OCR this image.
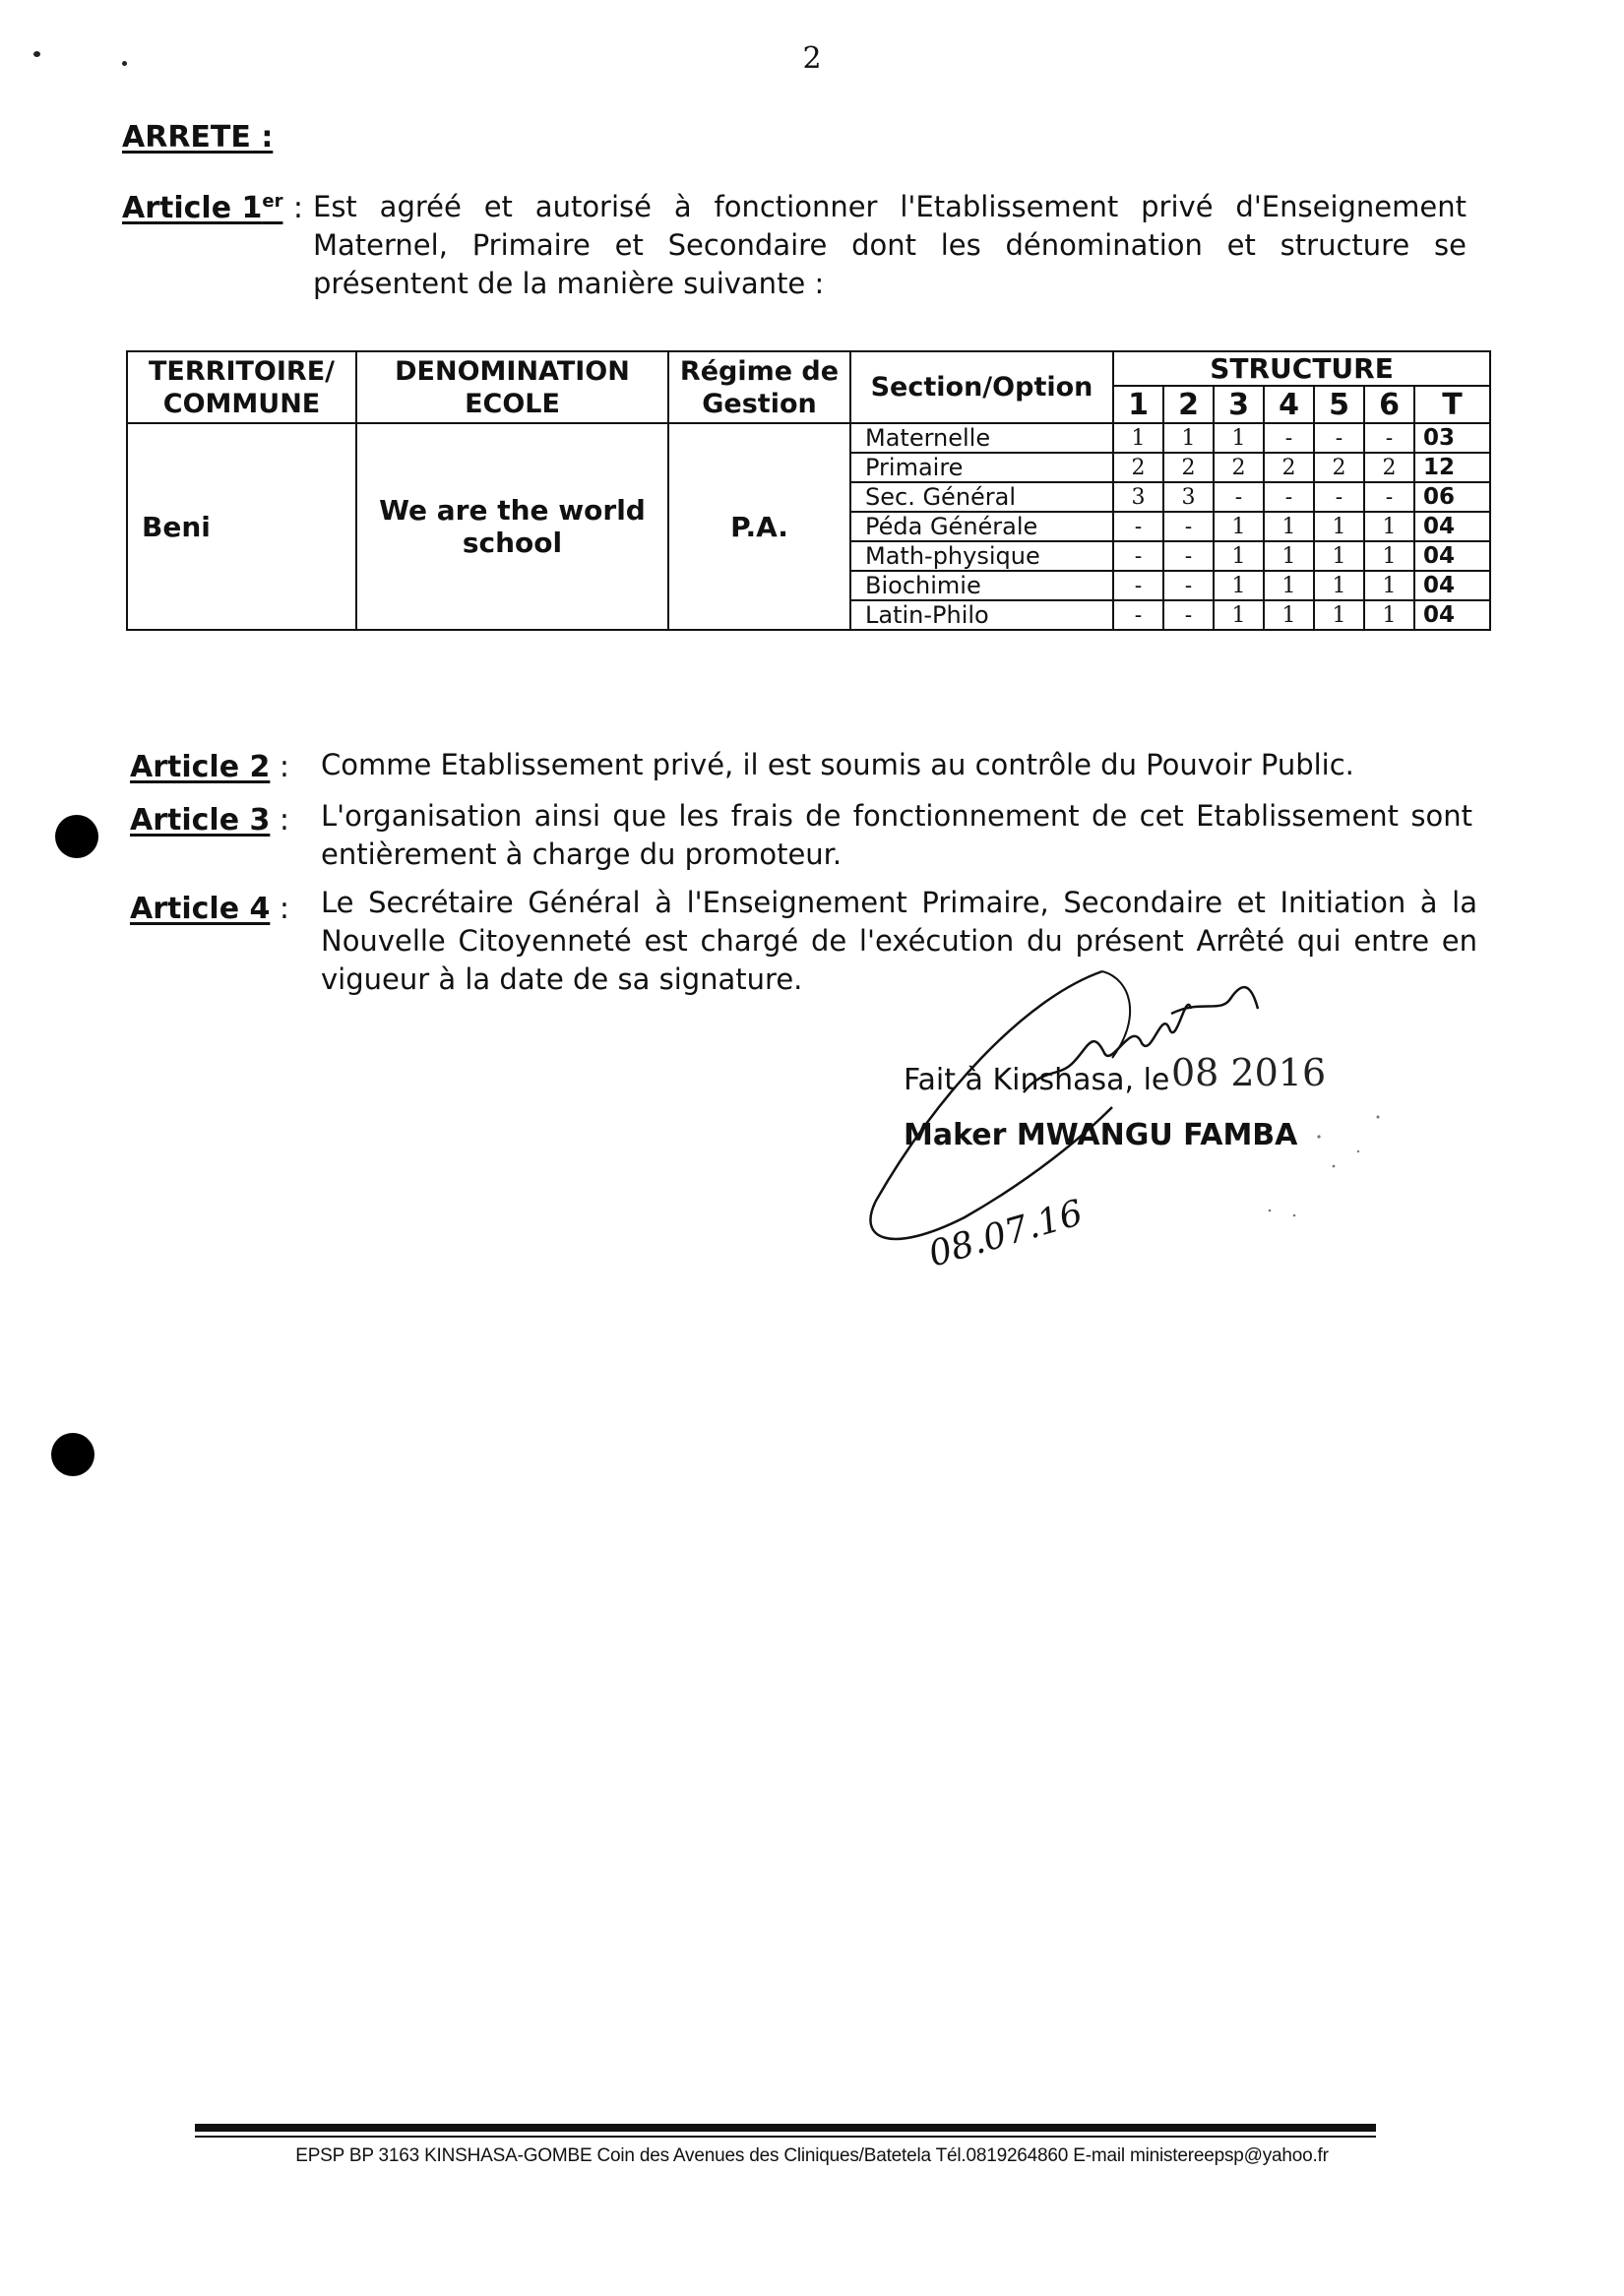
2
ARRETE :
Article 1er : Est agréé et autorisé à fonctionner l'Etablissement privé d'Enseignement Maternel, Primaire et Secondaire dont les dénomination et structure se présentent de la manière suivante :
TERRITOIRE/ COMMUNE	DENOMINATION ECOLE	Régime de Gestion	Section/Option	STRUCTURE						
				1	2	3	4	5	6	T
Beni	We are the world school	P.A.	Maternelle	1	1	1	-	-	-	03
			Primaire	2	2	2	2	2	2	12
			Sec. Général	3	3	-	-	-	-	06
			Péda Générale	-	-	1	1	1	1	04
			Math-physique	-	-	1	1	1	1	04
			Biochimie	-	-	1	1	1	1	04
			Latin-Philo	-	-	1	1	1	1	04
Article 2 : Comme Etablissement privé, il est soumis au contrôle du Pouvoir Public.
Article 3 : L'organisation ainsi que les frais de fonctionnement de cet Etablissement sont entièrement à charge du promoteur.
Article 4 : Le Secrétaire Général à l'Enseignement Primaire, Secondaire et Initiation à la Nouvelle Citoyenneté est chargé de l'exécution du présent Arrêté qui entre en vigueur à la date de sa signature.
Fait à Kinshasa, le
Maker MWANGU FAMBA
08 2016
08.07.16
EPSP BP 3163 KINSHASA-GOMBE Coin des Avenues des Cliniques/Batetela Tél.0819264860 E-mail ministereepsp@yahoo.fr
